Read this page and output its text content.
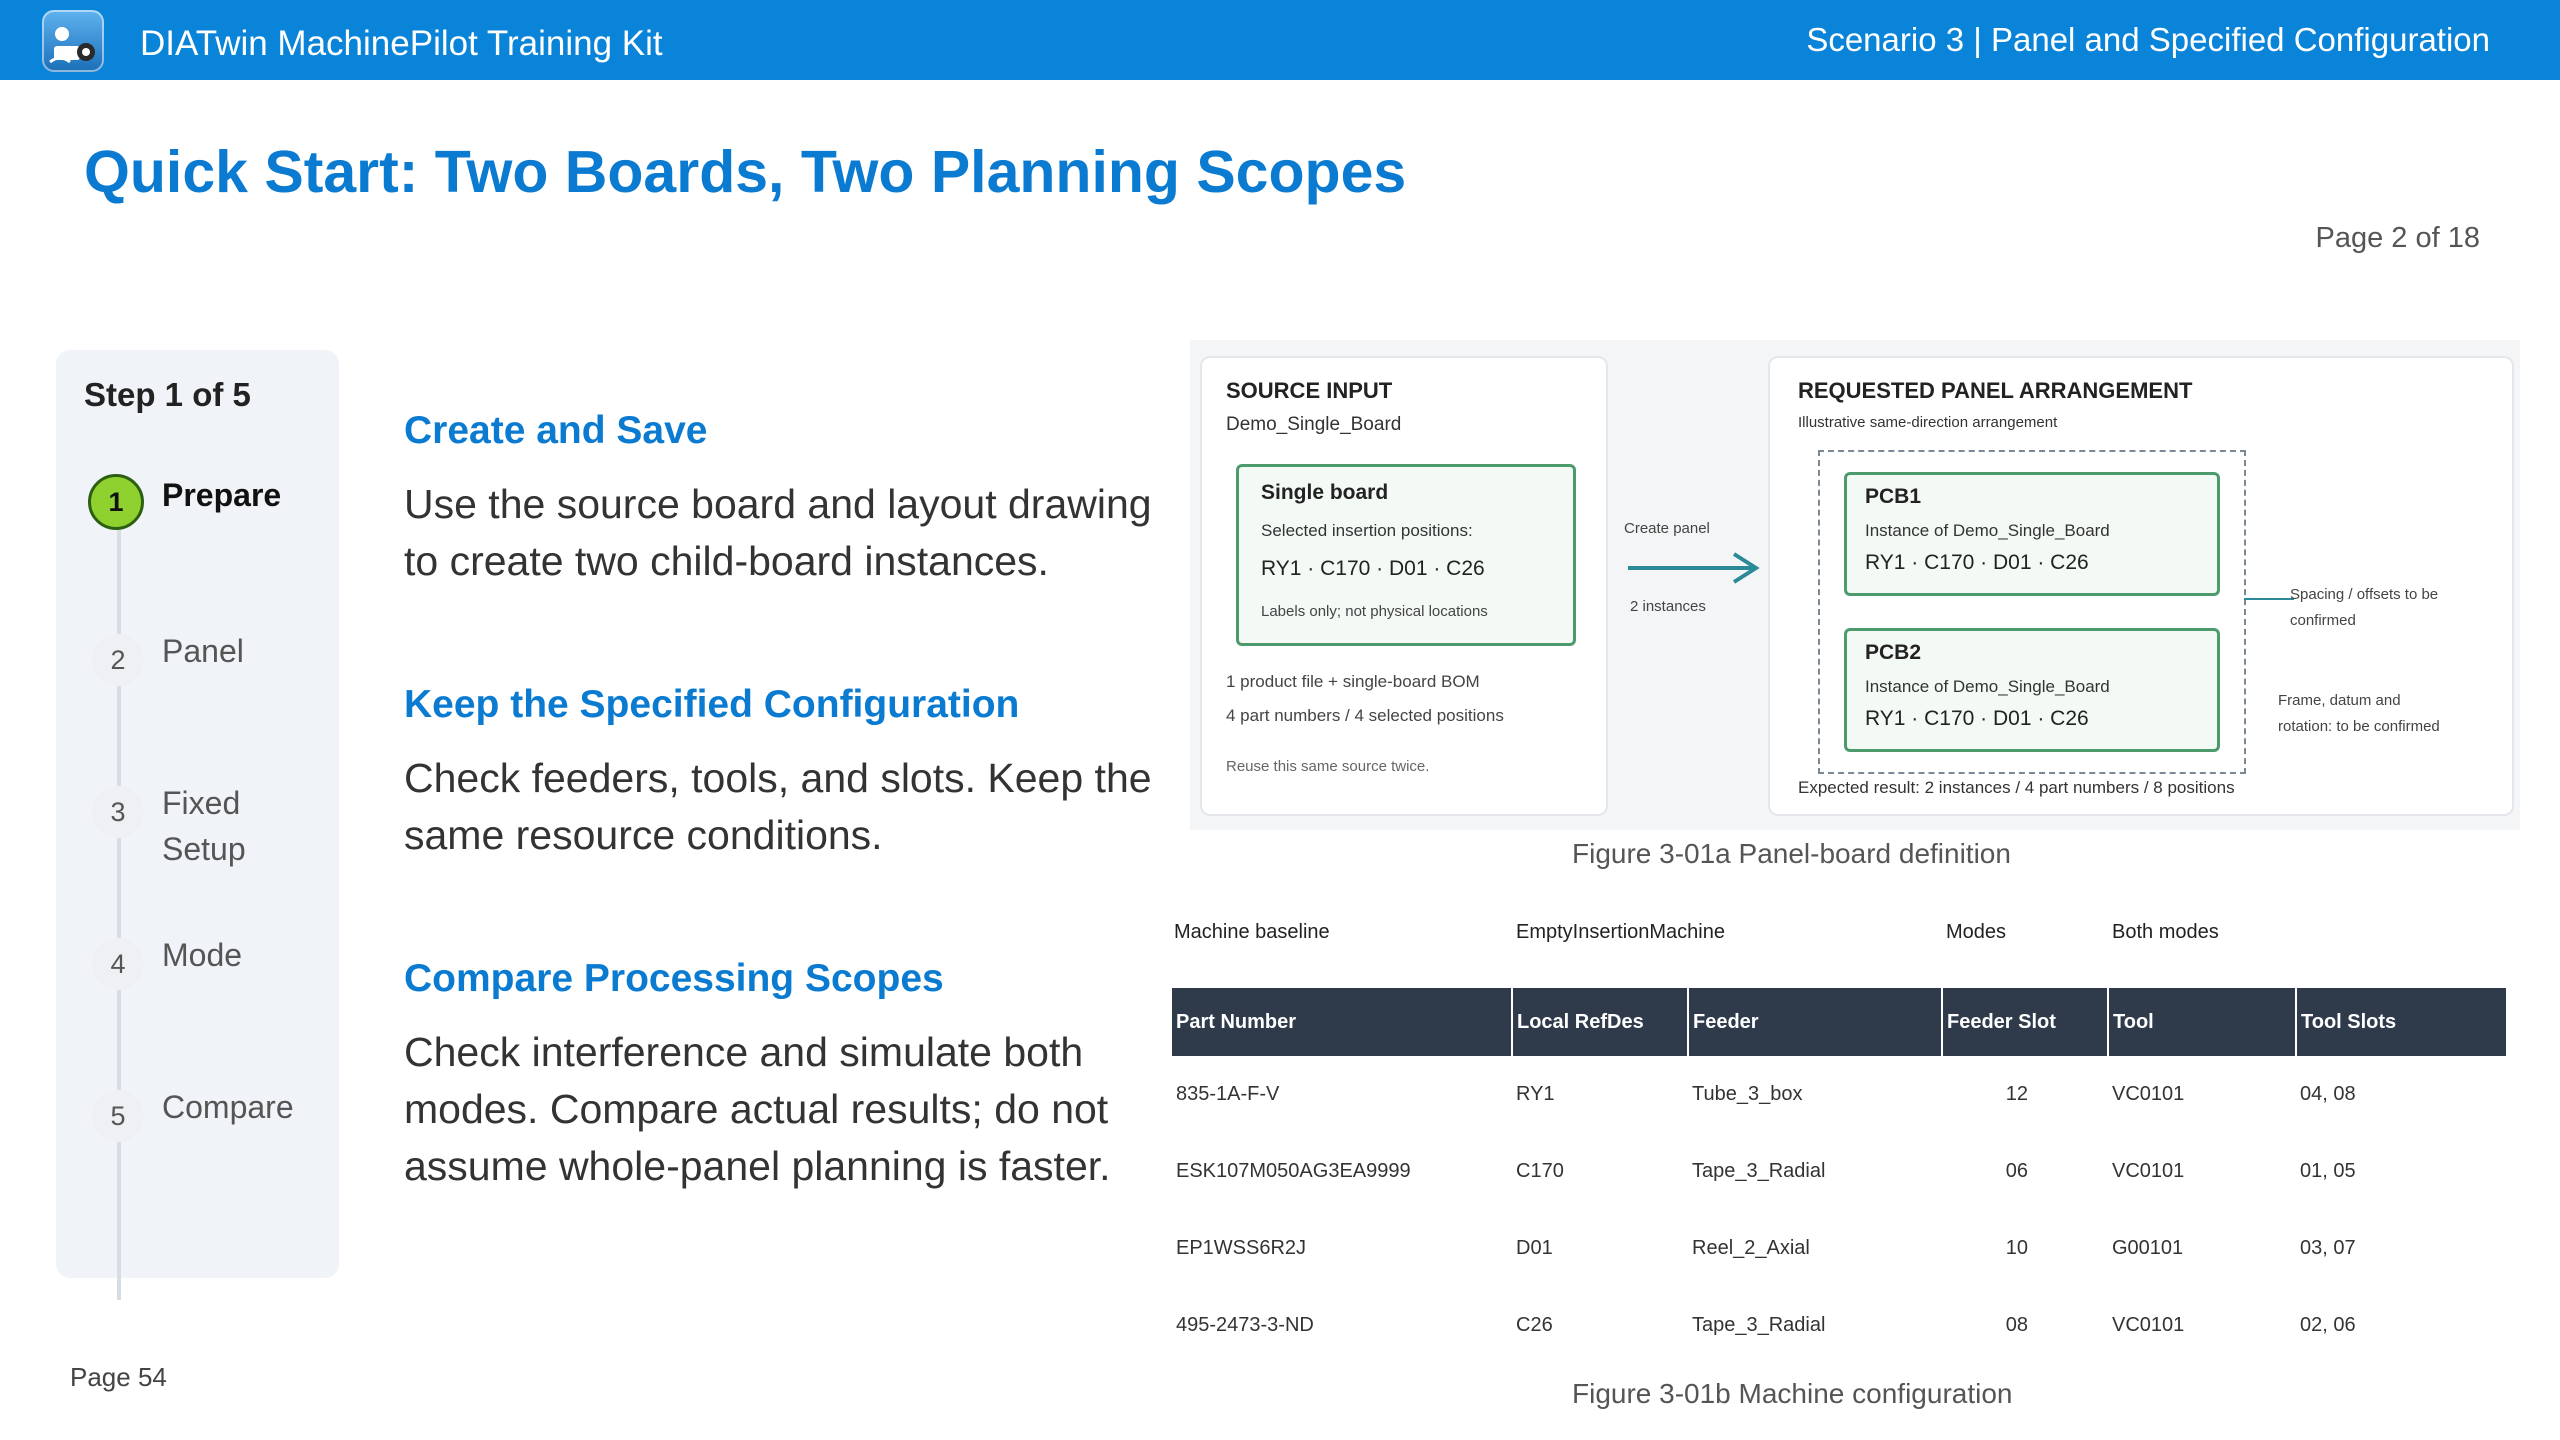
DIATwin MachinePilot Training Kit	Scenario 3 | Panel and Specified Configuration
Quick Start: Two Boards, Two Planning Scopes
Page 2 of 18
Step 1 of 5
1	Prepare
2	Panel
3	Fixed Setup
4	Mode
5	Compare
Create and Save

Use the source board and layout drawing to create two child-board instances.

Keep the Specified Configuration

Check feeders, tools, and slots. Keep the same resource conditions.

Compare Processing Scopes

Check interference and simulate both modes. Compare actual results; do not assume whole-panel planning is faster.

SOURCE INPUT
Demo_Single_Board
Single board
Selected insertion positions:
RY1 · C170 · D01 · C26
Labels only; not physical locations
1 product file + single-board BOM
4 part numbers / 4 selected positions
Reuse this same source twice.
Create panel
2 instances
REQUESTED PANEL ARRANGEMENT
Illustrative same-direction arrangement
PCB1
Instance of Demo_Single_Board
RY1 · C170 · D01 · C26
PCB2
Instance of Demo_Single_Board
RY1 · C170 · D01 · C26
Spacing / offsets to be confirmed
Frame, datum and rotation: to be confirmed
Expected result: 2 instances / 4 part numbers / 8 positions
Figure 3-01a Panel-board definition
Machine baseline	EmptyInsertionMachine	Modes	Both modes
Part Number	Local RefDes	Feeder	Feeder Slot	Tool	Tool Slots
835-1A-F-V	RY1	Tube_3_box	12	VC0101	04, 08
ESK107M050AG3EA9999	C170	Tape_3_Radial	06	VC0101	01, 05
EP1WSS6R2J	D01	Reel_2_Axial	10	G00101	03, 07
495-2473-3-ND	C26	Tape_3_Radial	08	VC0101	02, 06
Figure 3-01b Machine configuration
Page 54
